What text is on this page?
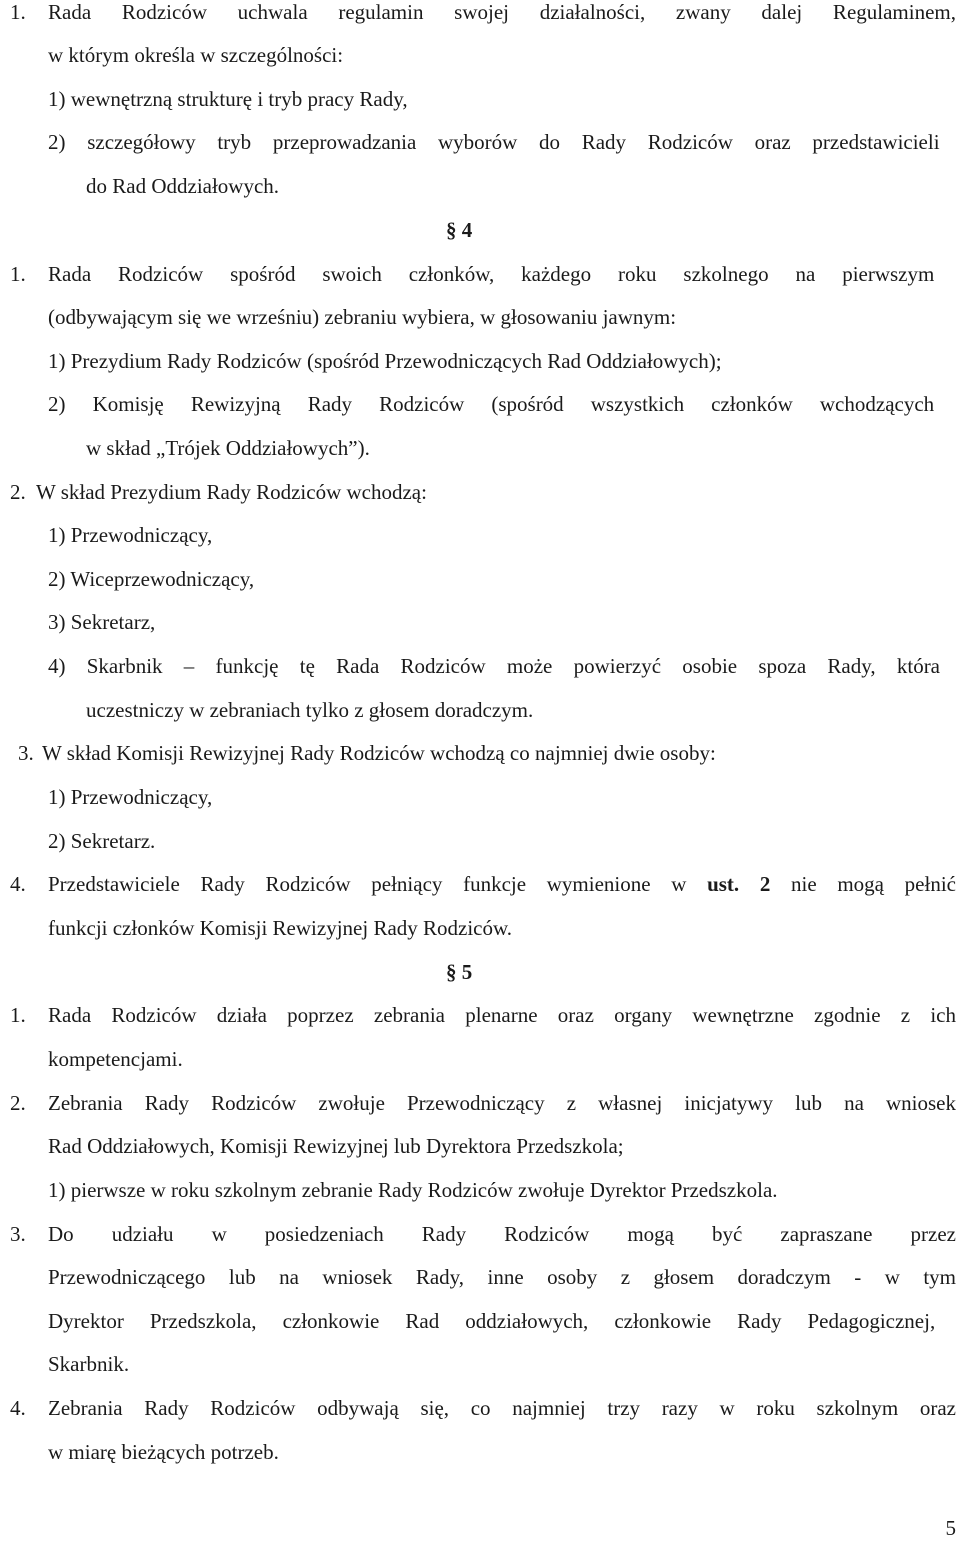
1. Rada Rodziców uchwala regulamin swojej działalności, zwany dalej Regulaminem,
w którym określa w szczególności:
1) wewnętrzną strukturę i tryb pracy Rady,
2) szczegółowy tryb przeprowadzania wyborów do Rady Rodziców oraz przedstawicieli
do Rad Oddziałowych.
§ 4
1. Rada Rodziców spośród swoich członków, każdego roku szkolnego na pierwszym
(odbywającym się we wrześniu) zebraniu wybiera, w głosowaniu jawnym:
1) Prezydium Rady Rodziców (spośród Przewodniczących Rad Oddziałowych);
2) Komisję Rewizyjną Rady Rodziców (spośród wszystkich członków wchodzących
w skład „Trójek Oddziałowych”).
2. W skład Prezydium Rady Rodziców wchodzą:
1) Przewodniczący,
2) Wiceprzewodniczący,
3) Sekretarz,
4) Skarbnik – funkcję tę Rada Rodziców może powierzyć osobie spoza Rady, która
uczestniczy w zebraniach tylko z głosem doradczym.
3. W skład Komisji Rewizyjnej Rady Rodziców wchodzą co najmniej dwie osoby:
1) Przewodniczący,
2) Sekretarz.
4. Przedstawiciele Rady Rodziców pełniący funkcje wymienione w ust. 2 nie mogą pełnić
funkcji członków Komisji Rewizyjnej Rady Rodziców.
§ 5
1. Rada Rodziców działa poprzez zebrania plenarne oraz organy wewnętrzne zgodnie z ich
kompetencjami.
2. Zebrania Rady Rodziców zwołuje Przewodniczący z własnej inicjatywy lub na wniosek
Rad Oddziałowych, Komisji Rewizyjnej lub Dyrektora Przedszkola;
1) pierwsze w roku szkolnym zebranie Rady Rodziców zwołuje Dyrektor Przedszkola.
3. Do udziału w posiedzeniach Rady Rodziców mogą być zapraszane przez
Przewodniczącego lub na wniosek Rady, inne osoby z głosem doradczym - w tym
Dyrektor Przedszkola, członkowie Rad oddziałowych, członkowie Rady Pedagogicznej,
Skarbnik.
4. Zebrania Rady Rodziców odbywają się, co najmniej trzy razy w roku szkolnym oraz
w miarę bieżących potrzeb.
5
